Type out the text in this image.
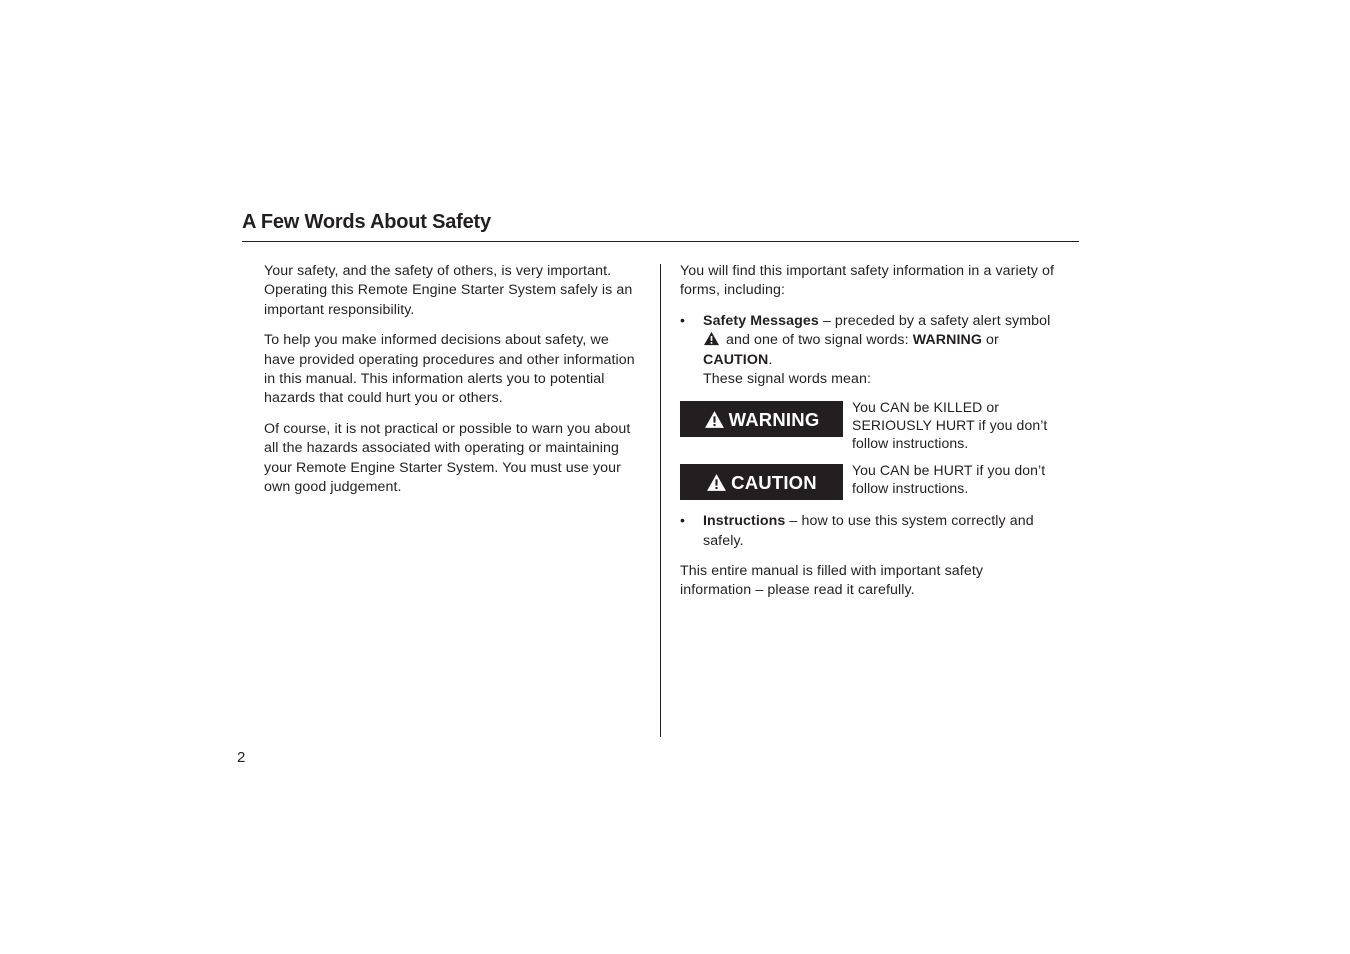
A Few Words About Safety

Your safety, and the safety of others, is very important. Operating this Remote Engine Starter System safely is an important responsibility.

To help you make informed decisions about safety, we have provided operating procedures and other information in this manual. This information alerts you to potential hazards that could hurt you or others.

Of course, it is not practical or possible to warn you about all the hazards associated with operating or maintaining your Remote Engine Starter System. You must use your own good judgement.

You will find this important safety information in a variety of forms, including:

• Safety Messages – preceded by a safety alert symbol
and one of two signal words: WARNING or
CAUTION.
These signal words mean:
WARNING
You CAN be KILLED or SERIOUSLY HURT if you don’t follow instructions.
CAUTION
You CAN be HURT if you don’t follow instructions.
• Instructions – how to use this system correctly and safely.

This entire manual is filled with important safety information – please read it carefully.

2
